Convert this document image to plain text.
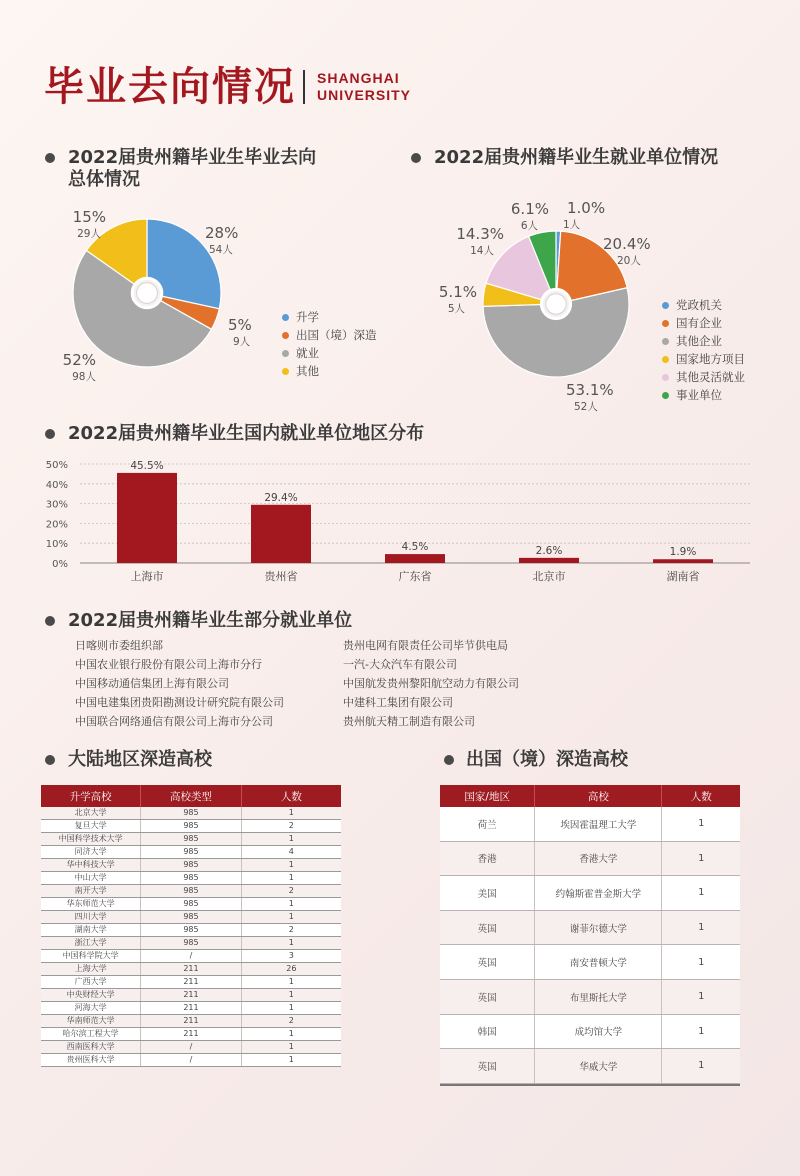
毕业去向情况 SHANGHAI
UNIVERSITY
2022届贵州籍毕业生毕业去向
总体情况
28%
54人
5%
9人
52%
98人
15%
29人
升学
出国（境）深造
就业
其他
2022届贵州籍毕业生就业单位情况
1.0%
1人
20.4%
20人
53.1%
52人
5.1%
5人
14.3%
14人
6.1%
6人
党政机关
国有企业
其他企业
国家地方项目
其他灵活就业
事业单位
2022届贵州籍毕业生国内就业单位地区分布
0%
10%
20%
30%
40%
50%	45.5%
上海市
29.4%
贵州省
4.5%
广东省
2.6%
北京市
1.9%
湖南省
2022届贵州籍毕业生部分就业单位
日喀则市委组织部
中国农业银行股份有限公司上海市分行
中国移动通信集团上海有限公司
中国电建集团贵阳勘测设计研究院有限公司
中国联合网络通信有限公司上海市分公司
贵州电网有限责任公司毕节供电局
一汽-大众汽车有限公司
中国航发贵州黎阳航空动力有限公司
中建科工集团有限公司
贵州航天精工制造有限公司
大陆地区深造高校
升学高校	高校类型	人数
北京大学	985	1
复旦大学	985	2
中国科学技术大学	985	1
同济大学	985	4
华中科技大学	985	1
中山大学	985	1
南开大学	985	2
华东师范大学	985	1
四川大学	985	1
湖南大学	985	2
浙江大学	985	1
中国科学院大学	/	3
上海大学	211	26
广西大学	211	1
中央财经大学	211	1
河海大学	211	1
华南师范大学	211	2
哈尔滨工程大学	211	1
西南医科大学	/	1
贵州医科大学	/	1
出国（境）深造高校
国家/地区	高校	人数
荷兰	埃因霍温理工大学	1
香港	香港大学	1
美国	约翰斯霍普金斯大学	1
英国	谢菲尔德大学	1
英国	南安普顿大学	1
英国	布里斯托大学	1
韩国	成均馆大学	1
英国	华威大学	1
